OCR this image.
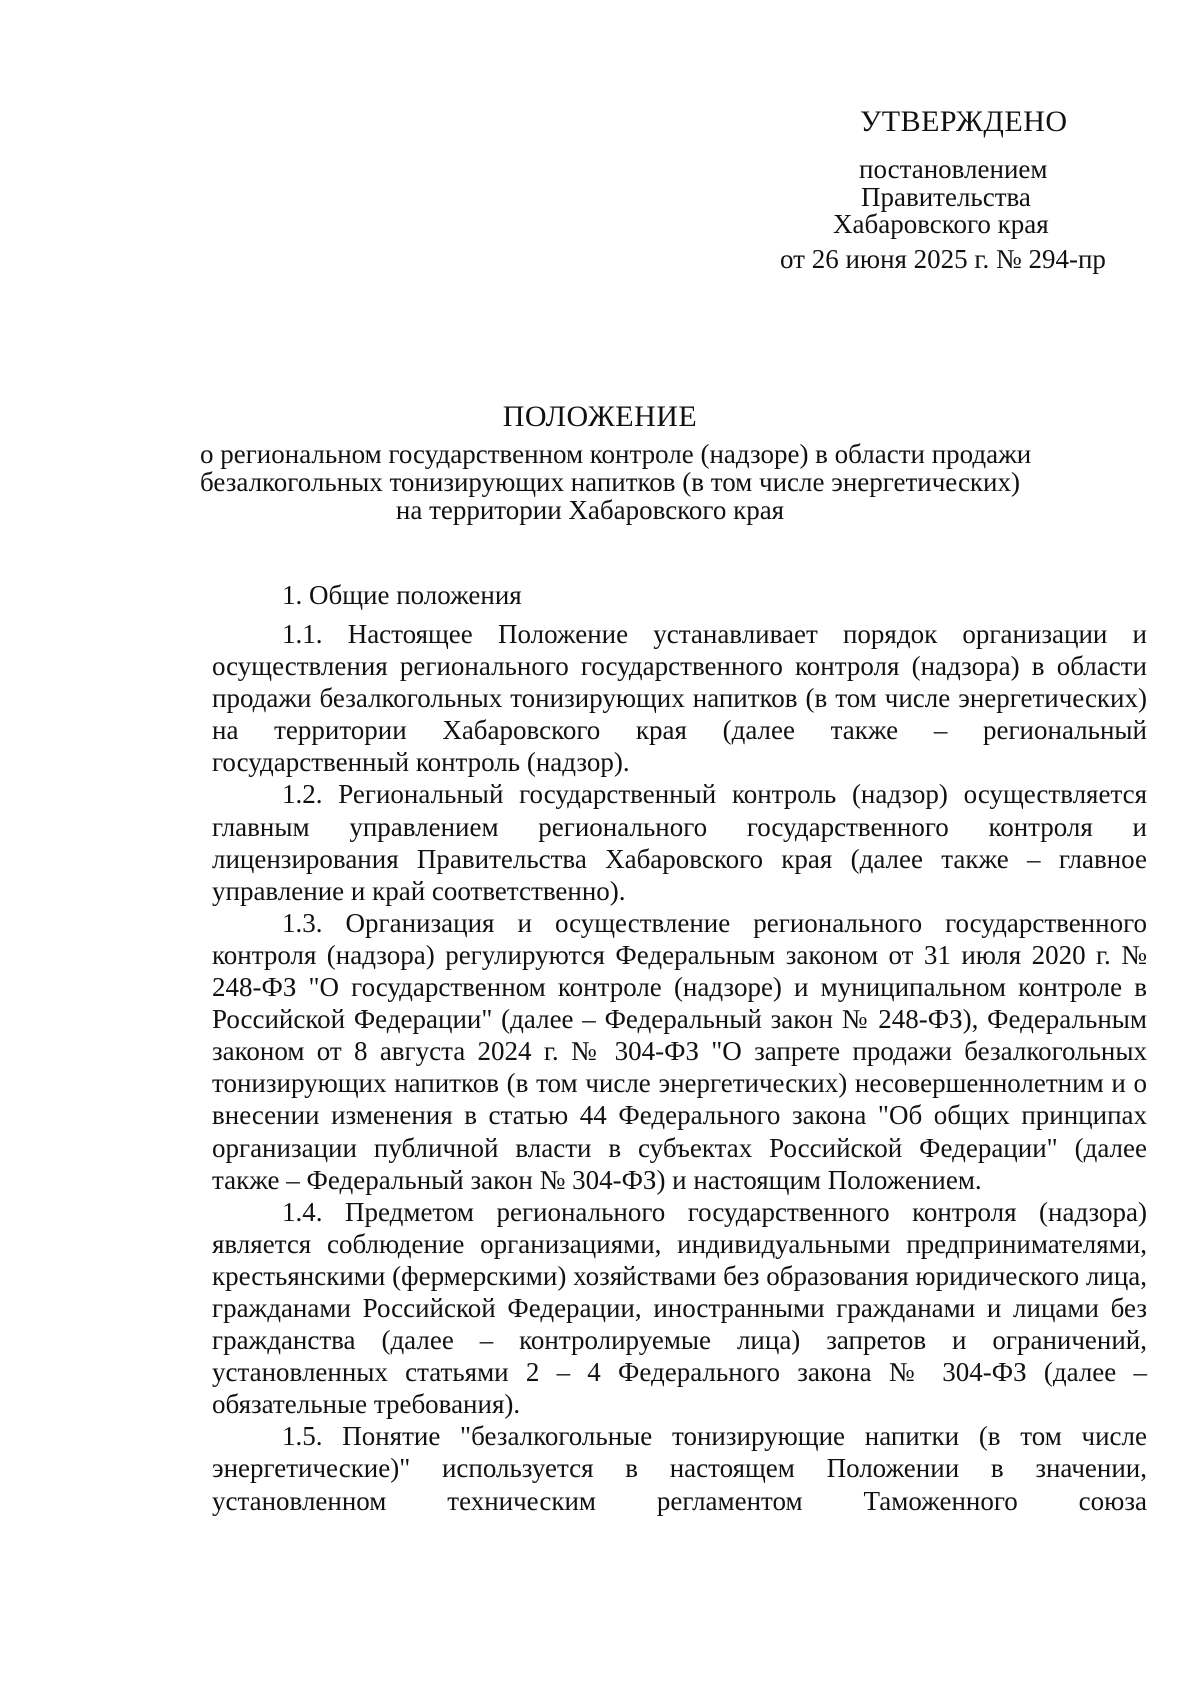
УТВЕРЖДЕНО
постановлением
Правительства
Хабаровского края
от 26 июня 2025 г. № 294-пр
ПОЛОЖЕНИЕ
о региональном государственном контроле (надзоре) в области продажи
безалкогольных тонизирующих напитков (в том числе энергетических)
на территории Хабаровского края
1. Общие положения

1.1. Настоящее Положение устанавливает порядок организации и осуществления регионального государственного контроля (надзора) в области продажи безалкогольных тонизирующих напитков (в том числе энергетических) на территории Хабаровского края (далее также – региональный государственный контроль (надзор).

1.2. Региональный государственный контроль (надзор) осуществляется главным управлением регионального государственного контроля и лицензирования Правительства Хабаровского края (далее также – главное управление и край соответственно).

1.3. Организация и осуществление регионального государственного контроля (надзора) регулируются Федеральным законом от 31 июля 2020 г. № 248-ФЗ "О государственном контроле (надзоре) и муниципальном контроле в Российской Федерации" (далее – Федеральный закон № 248-ФЗ), Федеральным законом от 8 августа 2024 г. № 304-ФЗ "О запрете продажи безалкогольных тонизирующих напитков (в том числе энергетических) несовершеннолетним и о внесении изменения в статью 44 Федерального закона "Об общих принципах организации публичной власти в субъектах Российской Федерации" (далее также – Федеральный закон № 304-ФЗ) и настоящим Положением.

1.4. Предметом регионального государственного контроля (надзора) является соблюдение организациями, индивидуальными предпринимателями, крестьянскими (фермерскими) хозяйствами без образования юридического лица, гражданами Российской Федерации, иностранными гражданами и лицами без гражданства (далее – контролируемые лица) запретов и ограничений, установленных статьями 2 – 4 Федерального закона № 304-ФЗ (далее – обязательные требования).

1.5. Понятие "безалкогольные тонизирующие напитки (в том числе энергетические)" используется в настоящем Положении в значении, установленном техническим регламентом Таможенного союза
